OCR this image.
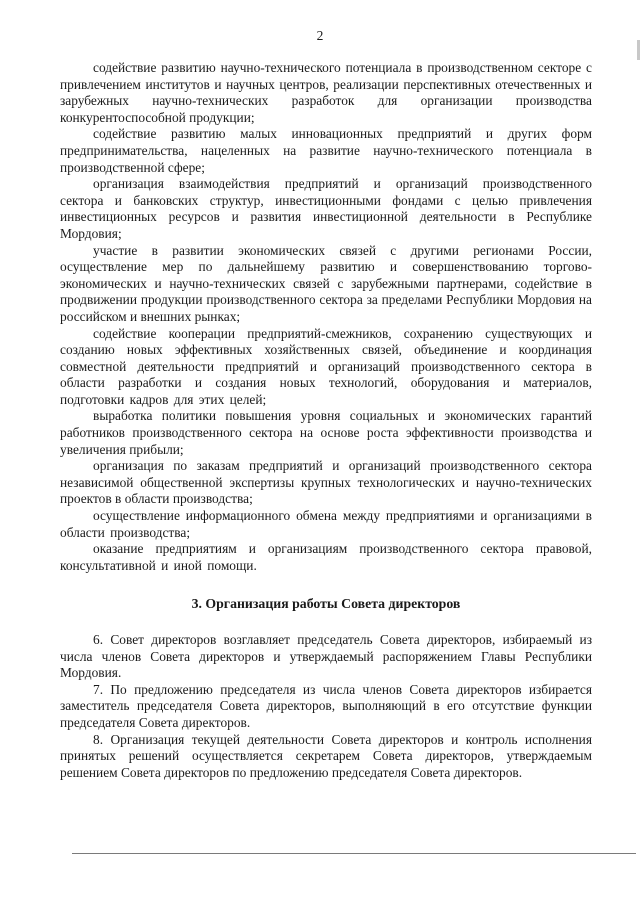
2

содействие развитию научно-технического потенциала в производственном секторе с привлечением институтов и научных центров, реализации перспективных отечественных и зарубежных научно-технических разработок для организации производства конкурентоспособной продукции;

содействие развитию малых инновационных предприятий и других форм предпринимательства, нацеленных на развитие научно-технического потенциала в производственной сфере;

организация взаимодействия предприятий и организаций производственного сектора и банковских структур, инвестиционными фондами с целью привлечения инвестиционных ресурсов и развития инвестиционной деятельности в Республике Мордовия;

участие в развитии экономических связей с другими регионами России, осуществление мер по дальнейшему развитию и совершенствованию торгово-экономических и научно-технических связей с зарубежными партнерами, содействие в продвижении продукции производственного сектора за пределами Республики Мордовия на российском и внешних рынках;

содействие кооперации предприятий-смежников, сохранению существующих и созданию новых эффективных хозяйственных связей, объединение и координация совместной деятельности предприятий и организаций производственного сектора в области разработки и создания новых технологий, оборудования и материалов, подготовки кадров для этих целей;

выработка политики повышения уровня социальных и экономических гарантий работников производственного сектора на основе роста эффективности производства и увеличения прибыли;

организация по заказам предприятий и организаций производственного сектора независимой общественной экспертизы крупных технологических и научно-технических проектов в области производства;

осуществление информационного обмена между предприятиями и организациями в области производства;

оказание предприятиям и организациям производственного сектора правовой, консультативной и иной помощи.

3. Организация работы Совета директоров

6. Совет директоров возглавляет председатель Совета директоров, избираемый из числа членов Совета директоров и утверждаемый распоряжением Главы Республики Мордовия.

7. По предложению председателя из числа членов Совета директоров избирается заместитель председателя Совета директоров, выполняющий в его отсутствие функции председателя Совета директоров.

8. Организация текущей деятельности Совета директоров и контроль исполнения принятых решений осуществляется секретарем Совета директоров, утверждаемым решением Совета директоров по предложению председателя Совета директоров.
